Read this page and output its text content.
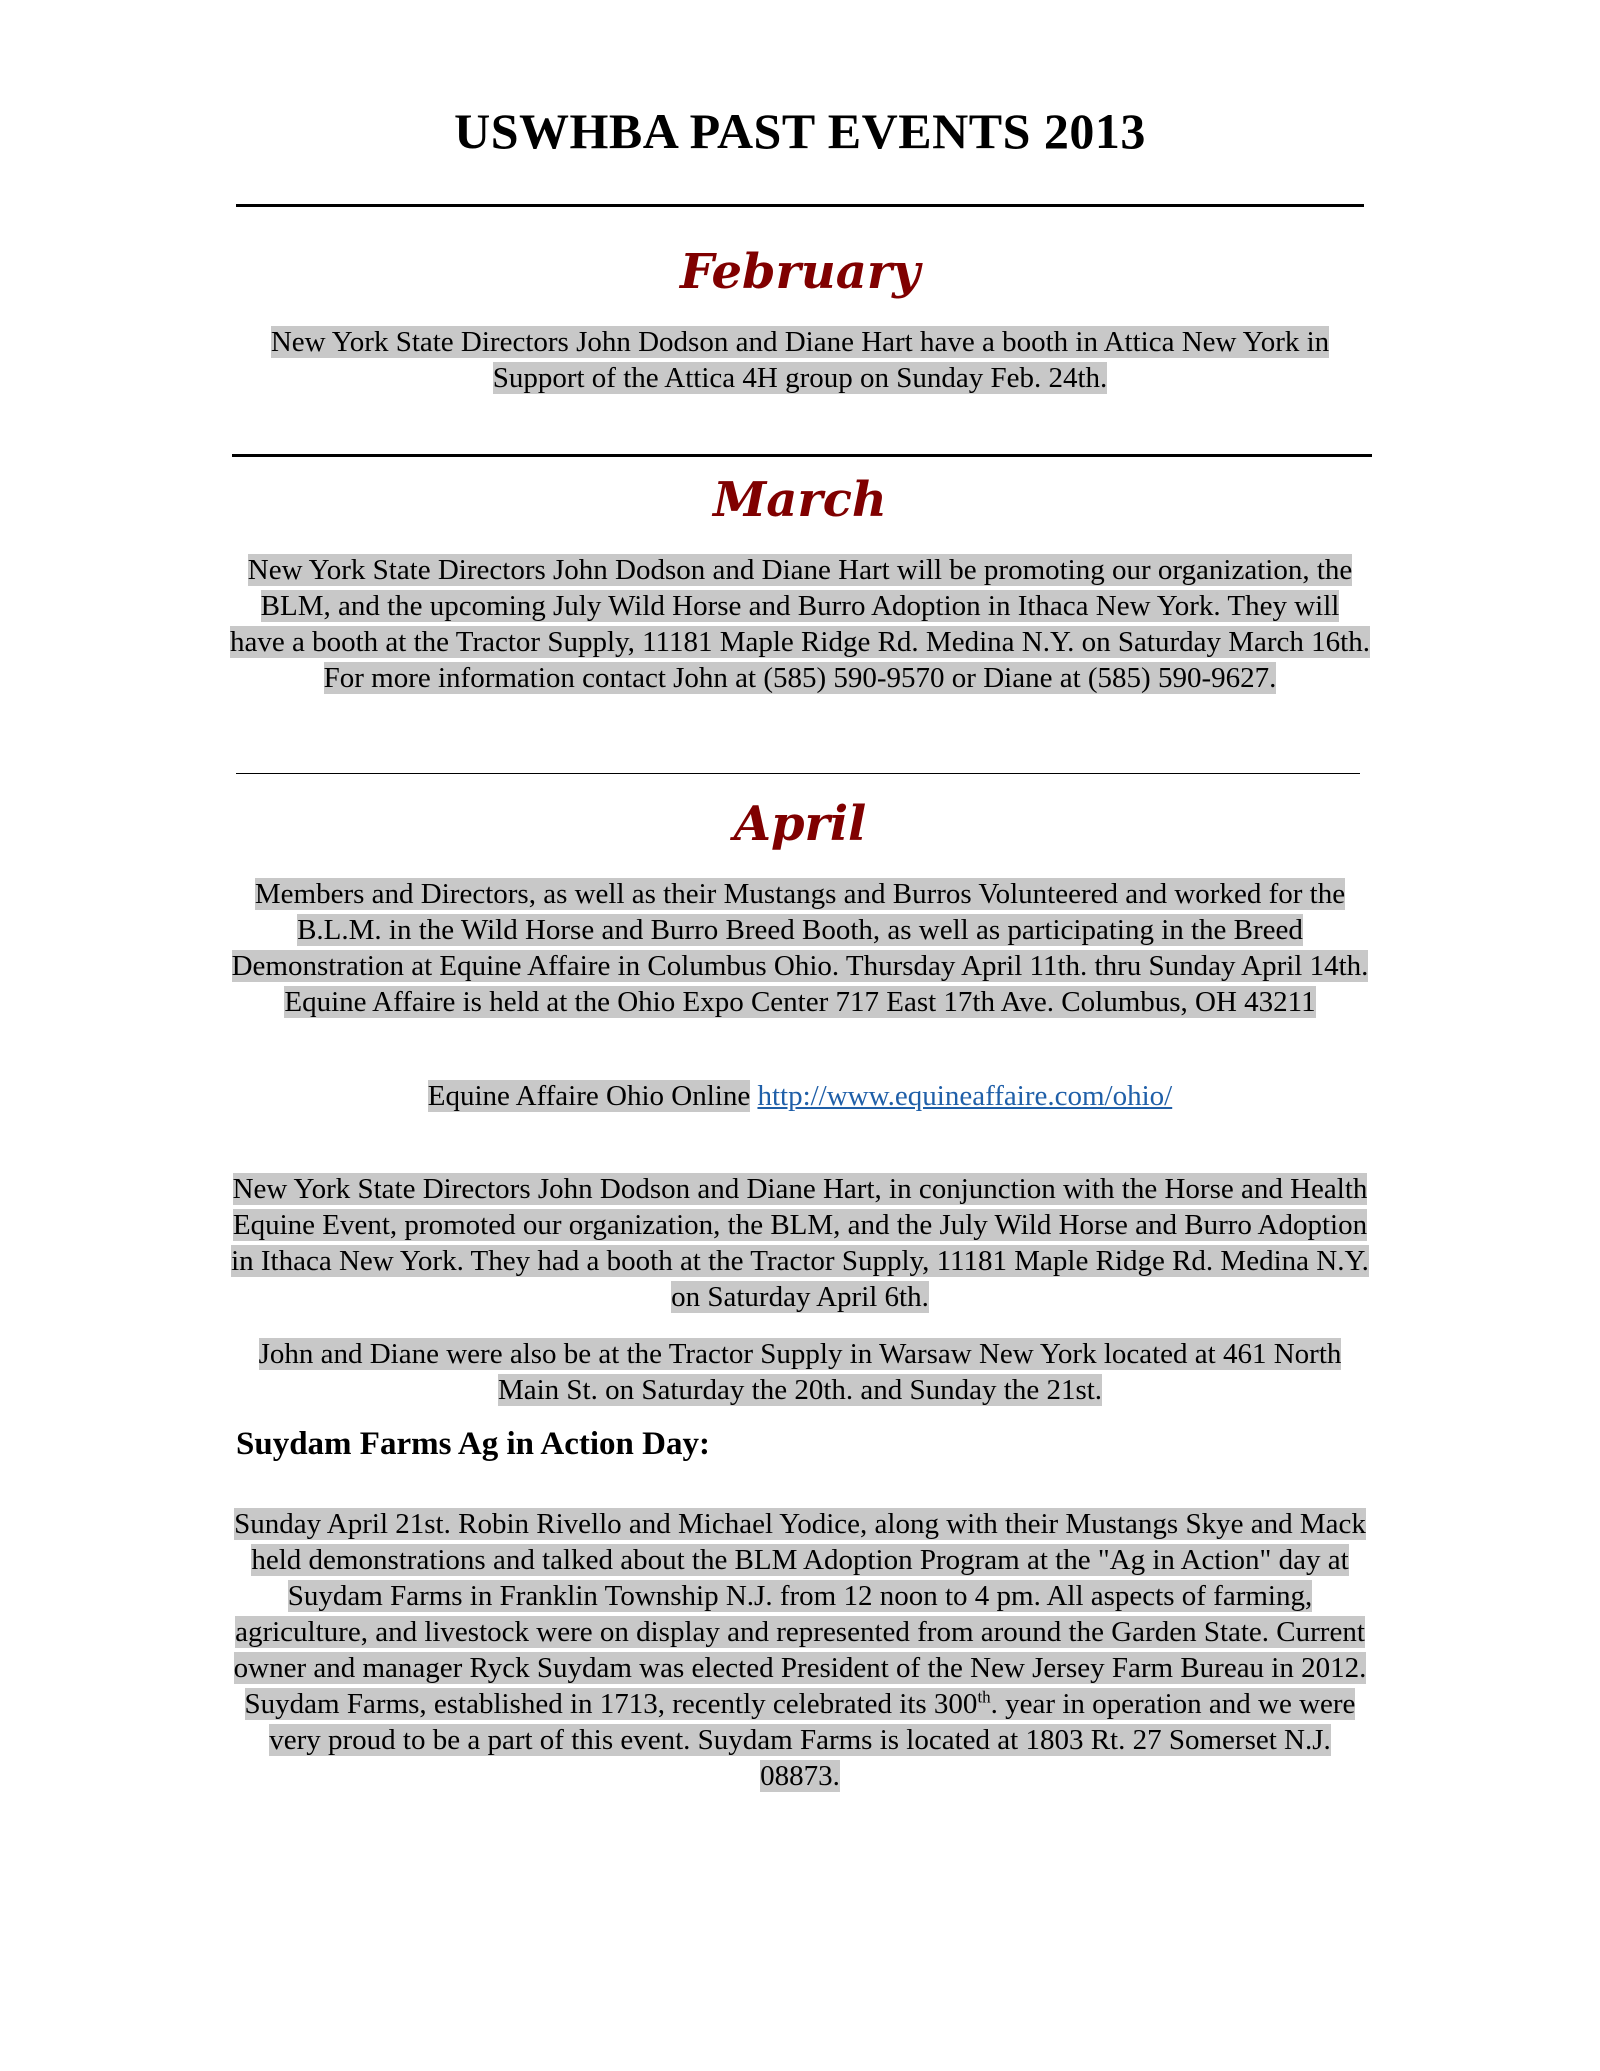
USWHBA PAST EVENTS 2013
February
New York State Directors John Dodson and Diane Hart have a booth in Attica New York in Support of the Attica 4H group on Sunday Feb. 24th.
March
New York State Directors John Dodson and Diane Hart will be promoting our organization, the BLM, and the upcoming July Wild Horse and Burro Adoption in Ithaca New York. They will have a booth at the Tractor Supply, 11181 Maple Ridge Rd. Medina N.Y. on Saturday March 16th. For more information contact John at (585) 590-9570 or Diane at (585) 590-9627.
April
Members and Directors, as well as their Mustangs and Burros Volunteered and worked for the B.L.M. in the Wild Horse and Burro Breed Booth, as well as participating in the Breed Demonstration at Equine Affaire in Columbus Ohio. Thursday April 11th. thru Sunday April 14th. Equine Affaire is held at the Ohio Expo Center 717 East 17th Ave. Columbus, OH 43211
Equine Affaire Ohio Online http://www.equineaffaire.com/ohio/
New York State Directors John Dodson and Diane Hart, in conjunction with the Horse and Health Equine Event, promoted our organization, the BLM, and the July Wild Horse and Burro Adoption in Ithaca New York. They had a booth at the Tractor Supply, 11181 Maple Ridge Rd. Medina N.Y. on Saturday April 6th.
John and Diane were also be at the Tractor Supply in Warsaw New York located at 461 North Main St. on Saturday the 20th. and Sunday the 21st.
Suydam Farms Ag in Action Day:
Sunday April 21st. Robin Rivello and Michael Yodice, along with their Mustangs Skye and Mack held demonstrations and talked about the BLM Adoption Program at the "Ag in Action" day at Suydam Farms in Franklin Township N.J. from 12 noon to 4 pm. All aspects of farming, agriculture, and livestock were on display and represented from around the Garden State. Current owner and manager Ryck Suydam was elected President of the New Jersey Farm Bureau in 2012. Suydam Farms, established in 1713, recently celebrated its 300th. year in operation and we were very proud to be a part of this event. Suydam Farms is located at 1803 Rt. 27 Somerset N.J. 08873.
